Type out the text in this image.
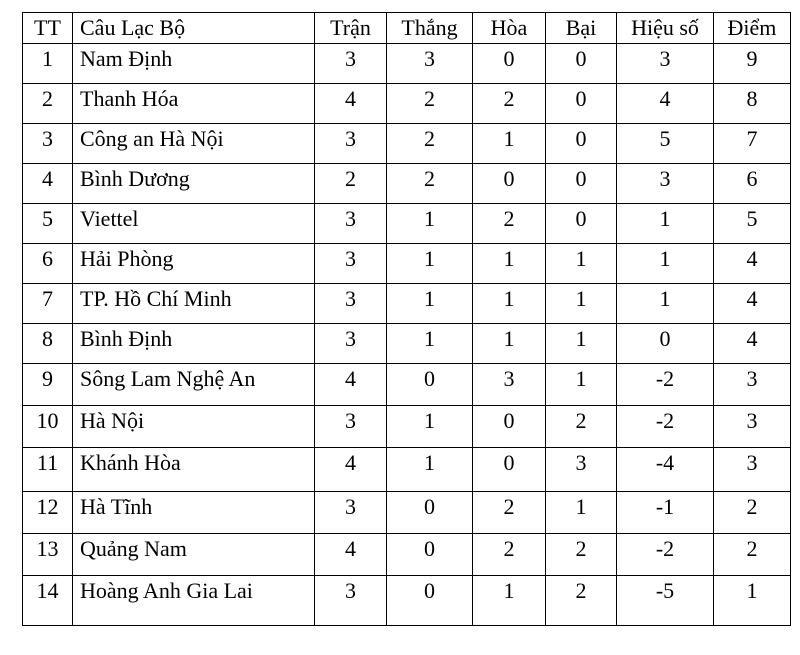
TT	Câu Lạc Bộ	Trận	Thắng	Hòa	Bại	Hiệu số	Điểm
1	Nam Định	3	3	0	0	3	9
2	Thanh Hóa	4	2	2	0	4	8
3	Công an Hà Nội	3	2	1	0	5	7
4	Bình Dương	2	2	0	0	3	6
5	Viettel	3	1	2	0	1	5
6	Hải Phòng	3	1	1	1	1	4
7	TP. Hồ Chí Minh	3	1	1	1	1	4
8	Bình Định	3	1	1	1	0	4
9	Sông Lam Nghệ An	4	0	3	1	-2	3
10	Hà Nội	3	1	0	2	-2	3
11	Khánh Hòa	4	1	0	3	-4	3
12	Hà Tĩnh	3	0	2	1	-1	2
13	Quảng Nam	4	0	2	2	-2	2
14	Hoàng Anh Gia Lai	3	0	1	2	-5	1
